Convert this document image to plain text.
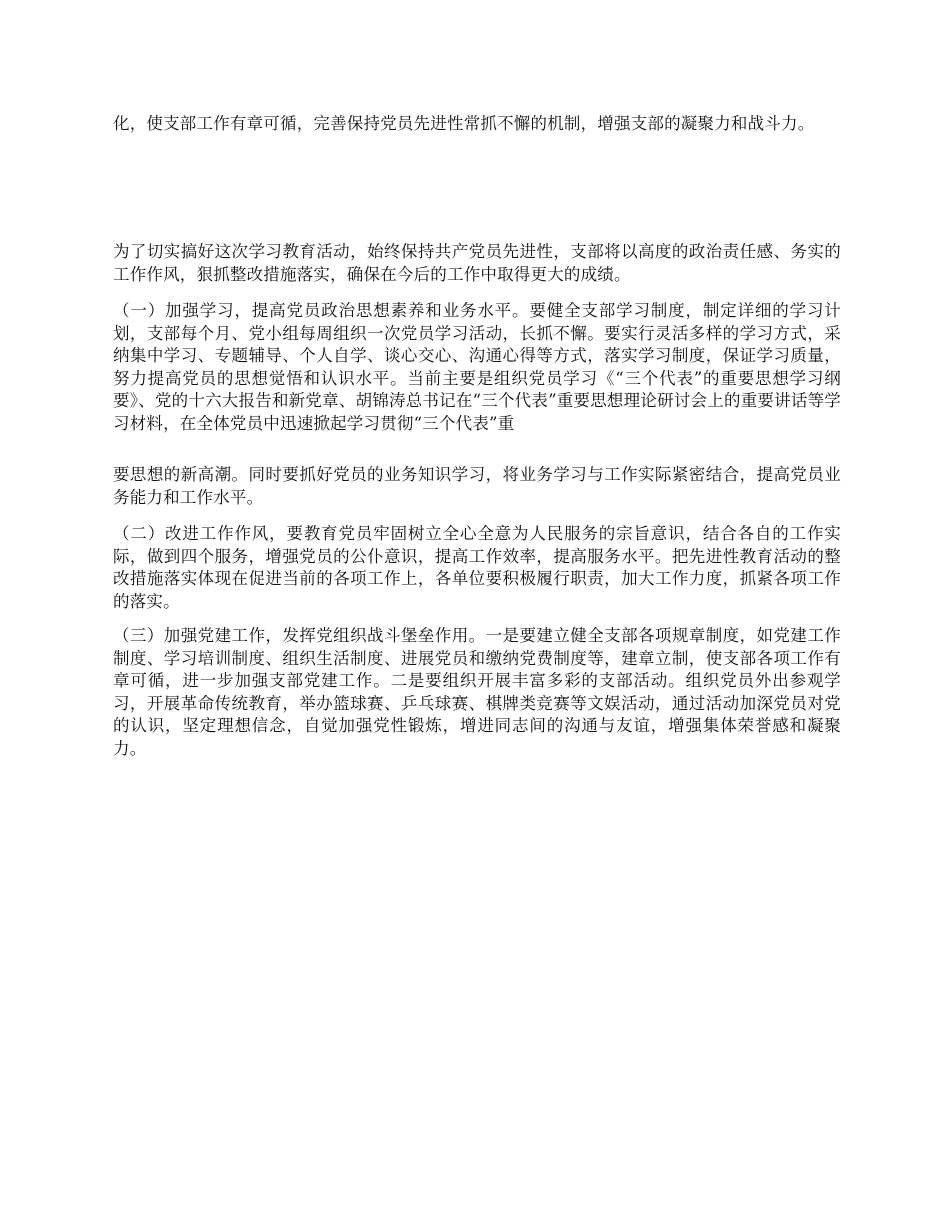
化，使支部工作有章可循，完善保持党员先进性常抓不懈的机制，增强支部的凝聚力和战斗力。

为了切实搞好这次学习教育活动，始终保持共产党员先进性，支部将以高度的政治责任感、务实的工作作风，狠抓整改措施落实，确保在今后的工作中取得更大的成绩。

（一）加强学习，提高党员政治思想素养和业务水平。要健全支部学习制度，制定详细的学习计划，支部每个月、党小组每周组织一次党员学习活动，长抓不懈。要实行灵活多样的学习方式，采纳集中学习、专题辅导、个人自学、谈心交心、沟通心得等方式，落实学习制度，保证学习质量，努力提高党员的思想觉悟和认识水平。当前主要是组织党员学习《“三个代表”的重要思想学习纲要》、党的十六大报告和新党章、胡锦涛总书记在“三个代表”重要思想理论研讨会上的重要讲话等学习材料，在全体党员中迅速掀起学习贯彻“三个代表”重

要思想的新高潮。同时要抓好党员的业务知识学习，将业务学习与工作实际紧密结合，提高党员业务能力和工作水平。

（二）改进工作作风，要教育党员牢固树立全心全意为人民服务的宗旨意识，结合各自的工作实际，做到四个服务，增强党员的公仆意识，提高工作效率，提高服务水平。把先进性教育活动的整改措施落实体现在促进当前的各项工作上，各单位要积极履行职责，加大工作力度，抓紧各项工作的落实。

（三）加强党建工作，发挥党组织战斗堡垒作用。一是要建立健全支部各项规章制度，如党建工作制度、学习培训制度、组织生活制度、进展党员和缴纳党费制度等，建章立制，使支部各项工作有章可循，进一步加强支部党建工作。二是要组织开展丰富多彩的支部活动。组织党员外出参观学习，开展革命传统教育，举办篮球赛、乒乓球赛、棋牌类竞赛等文娱活动，通过活动加深党员对党的认识，坚定理想信念，自觉加强党性锻炼，增进同志间的沟通与友谊，增强集体荣誉感和凝聚力。
